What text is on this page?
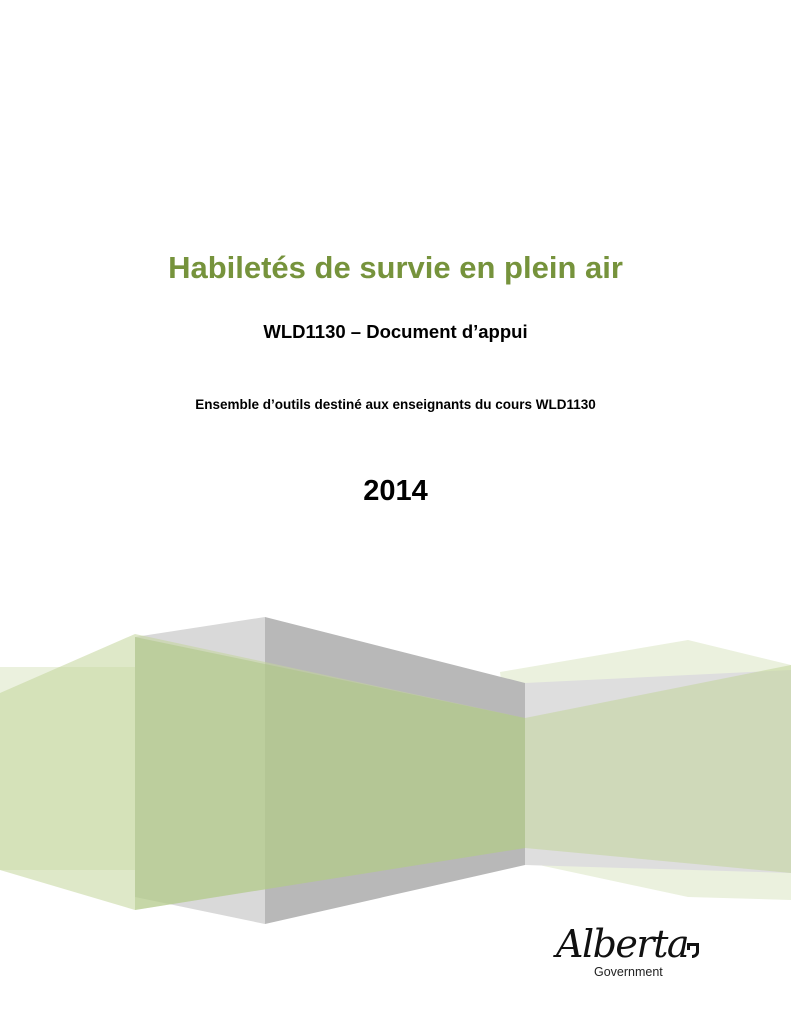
Habiletés de survie en plein air
WLD1130 – Document d’appui

Ensemble d’outils destiné aux enseignants du cours WLD1130

2014

Alberta
Government
